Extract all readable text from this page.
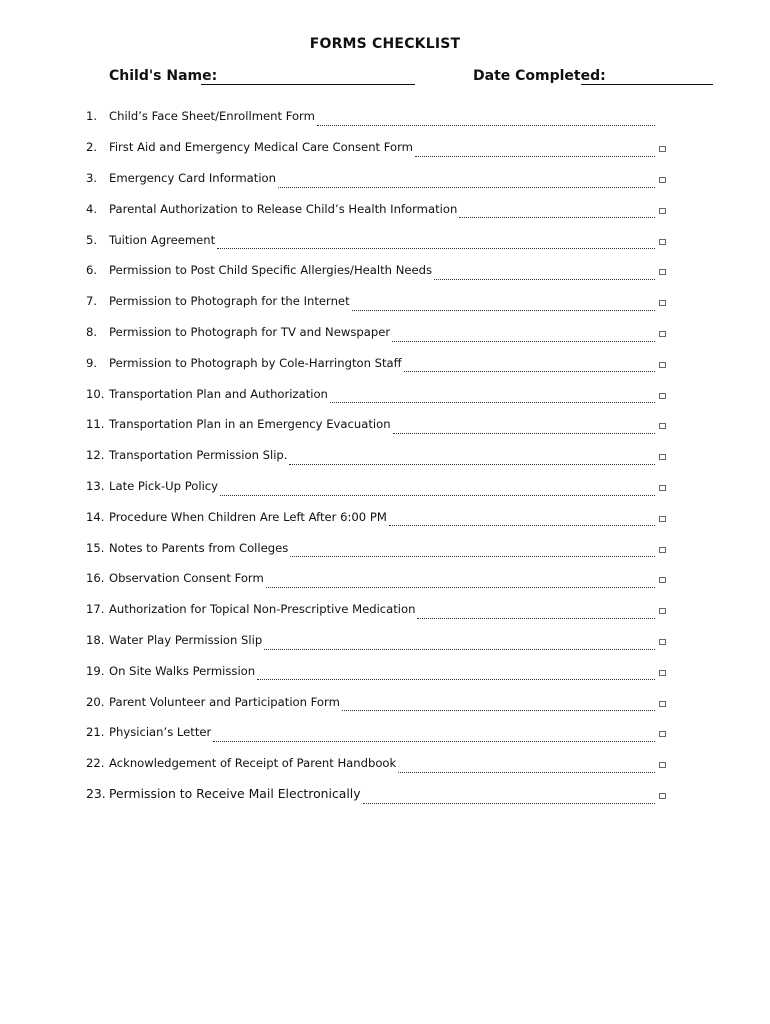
FORMS CHECKLIST
Child's Name:	Date Completed:
1.	Child’s Face Sheet/Enrollment Form
2.	First Aid and Emergency Medical Care Consent Form
3.	Emergency Card Information
4.	Parental Authorization to Release Child’s Health Information
5.	Tuition Agreement
6.	Permission to Post Child Specific Allergies/Health Needs
7.	Permission to Photograph for the Internet
8.	Permission to Photograph for TV and Newspaper
9.	Permission to Photograph by Cole-Harrington Staff
10. Transportation Plan and Authorization
11. Transportation Plan in an Emergency Evacuation
12. Transportation Permission Slip.
13. Late Pick-Up Policy
14. Procedure When Children Are Left After 6:00 PM
15. Notes to Parents from Colleges
16. Observation Consent Form
17. Authorization for Topical Non-Prescriptive Medication
18. Water Play Permission Slip
19. On Site Walks Permission
20. Parent Volunteer and Participation Form
21. Physician’s Letter
22. Acknowledgement of Receipt of Parent Handbook
23. Permission to Receive Mail Electronically
